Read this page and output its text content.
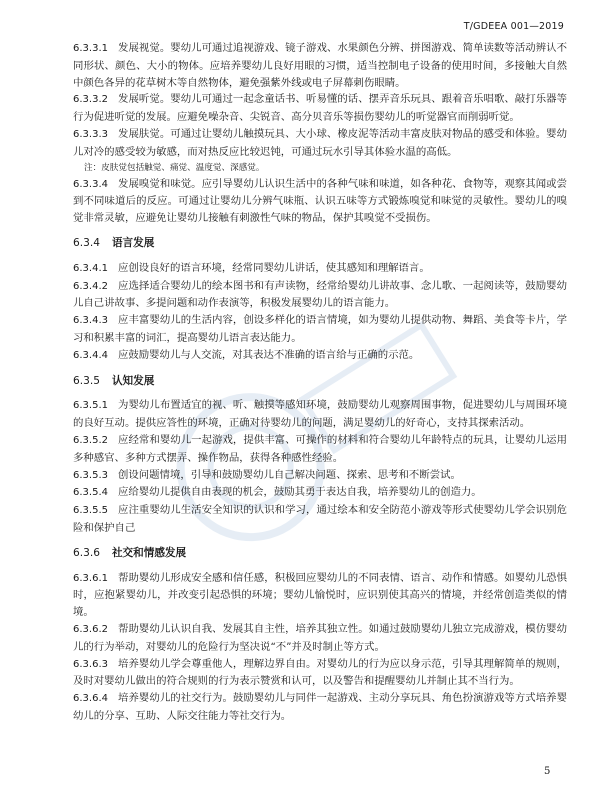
T/GDEEA 001—2019

6.3.3.1 发展视觉。婴幼儿可通过追视游戏、镜子游戏、水果颜色分辨、拼图游戏、简单读数等活动辨认不同形状、颜色、大小的物体。应培养婴幼儿良好用眼的习惯，适当控制电子设备的使用时间，多接触大自然中颜色各异的花草树木等自然物体，避免强紫外线或电子屏幕刺伤眼睛。

6.3.3.2 发展听觉。婴幼儿可通过一起念童话书、听易懂的话、摆弄音乐玩具、跟着音乐唱歌、敲打乐器等行为促进听觉的发展。应避免噪杂音、尖锐音、高分贝音乐等损伤婴幼儿的听觉器官而削弱听觉。

6.3.3.3 发展肤觉。可通过让婴幼儿触摸玩具、大小球、橡皮泥等活动丰富皮肤对物品的感受和体验。婴幼儿对冷的感受较为敏感，而对热反应比较迟钝，可通过玩水引导其体验水温的高低。

注：皮肤觉包括触觉、痛觉、温度觉、深感觉。

6.3.3.4 发展嗅觉和味觉。应引导婴幼儿认识生活中的各种气味和味道，如各种花、食物等，观察其闻或尝到不同味道后的反应。可通过让婴幼儿分辨气味瓶、认识五味等方式锻炼嗅觉和味觉的灵敏性。婴幼儿的嗅觉非常灵敏，应避免让婴幼儿接触有刺激性气味的物品，保护其嗅觉不受损伤。

6.3.4 语言发展

6.3.4.1 应创设良好的语言环境，经常同婴幼儿讲话，使其感知和理解语言。

6.3.4.2 应选择适合婴幼儿的绘本图书和有声读物，经常给婴幼儿讲故事、念儿歌、一起阅读等，鼓励婴幼儿自己讲故事、多提问题和动作表演等，积极发展婴幼儿的语言能力。

6.3.4.3 应丰富婴幼儿的生活内容，创设多样化的语言情境，如为婴幼儿提供动物、舞蹈、美食等卡片，学习和积累丰富的词汇，提高婴幼儿语言表达能力。

6.3.4.4 应鼓励婴幼儿与人交流，对其表达不准确的语言给与正确的示范。

6.3.5 认知发展

6.3.5.1 为婴幼儿布置适宜的视、听、触摸等感知环境，鼓励婴幼儿观察周围事物，促进婴幼儿与周围环境的良好互动。提供应答性的环境，正确对待婴幼儿的问题，满足婴幼儿的好奇心，支持其探索活动。

6.3.5.2 应经常和婴幼儿一起游戏，提供丰富、可操作的材料和符合婴幼儿年龄特点的玩具，让婴幼儿运用多种感官、多种方式摆弄、操作物品，获得各种感性经验。

6.3.5.3 创设问题情境，引导和鼓励婴幼儿自己解决问题、探索、思考和不断尝试。

6.3.5.4 应给婴幼儿提供自由表现的机会，鼓励其勇于表达自我，培养婴幼儿的创造力。

6.3.5.5 应注重婴幼儿生活安全知识的认识和学习，通过绘本和安全防范小游戏等形式使婴幼儿学会识别危险和保护自己

6.3.6 社交和情感发展

6.3.6.1 帮助婴幼儿形成安全感和信任感，积极回应婴幼儿的不同表情、语言、动作和情感。如婴幼儿恐惧时，应抱紧婴幼儿，并改变引起恐惧的环境；婴幼儿愉悦时，应识别使其高兴的情境，并经常创造类似的情境。

6.3.6.2 帮助婴幼儿认识自我、发展其自主性，培养其独立性。如通过鼓励婴幼儿独立完成游戏，模仿婴幼儿的行为举动，对婴幼儿的危险行为坚决说“不”并及时制止等方式。

6.3.6.3 培养婴幼儿学会尊重他人，理解边界自由。对婴幼儿的行为应以身示范，引导其理解简单的规则，及时对婴幼儿做出的符合规则的行为表示赞赏和认可，以及警告和提醒婴幼儿并制止其不当行为。

6.3.6.4 培养婴幼儿的社交行为。鼓励婴幼儿与同伴一起游戏、主动分享玩具、角色扮演游戏等方式培养婴幼儿的分享、互助、人际交往能力等社交行为。

5
